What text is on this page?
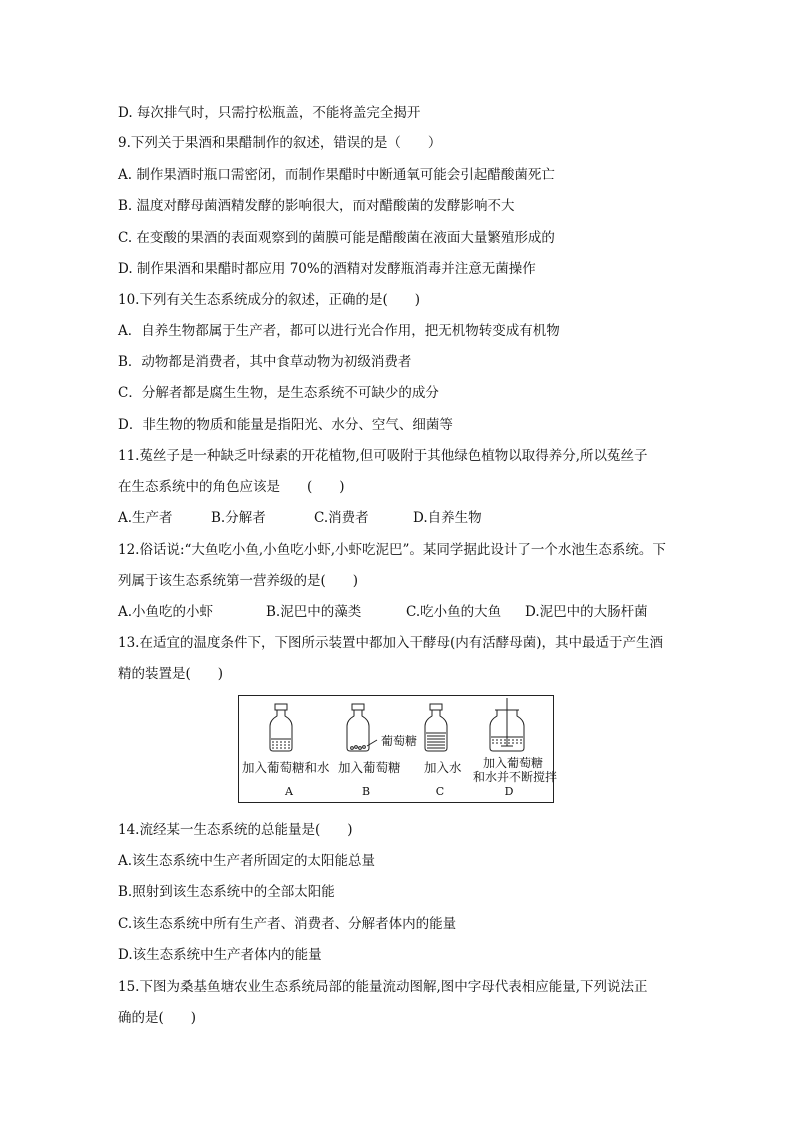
D. 每次排气时，只需拧松瓶盖，不能将盖完全揭开
9.下列关于果酒和果醋制作的叙述，错误的是（　　）
A. 制作果酒时瓶口需密闭，而制作果醋时中断通氧可能会引起醋酸菌死亡
B. 温度对酵母菌酒精发酵的影响很大，而对醋酸菌的发酵影响不大
C. 在变酸的果酒的表面观察到的菌膜可能是醋酸菌在液面大量繁殖形成的
D. 制作果酒和果醋时都应用 70%的酒精对发酵瓶消毒并注意无菌操作
10.下列有关生态系统成分的叙述，正确的是(　　)
A．自养生物都属于生产者，都可以进行光合作用，把无机物转变成有机物
B．动物都是消费者，其中食草动物为初级消费者
C．分解者都是腐生生物，是生态系统不可缺少的成分
D．非生物的物质和能量是指阳光、水分、空气、细菌等
11.菟丝子是一种缺乏叶绿素的开花植物,但可吸附于其他绿色植物以取得养分,所以菟丝子
在生态系统中的角色应该是　　(　　)
A.生产者	B.分解者	C.消费者	D.自养生物
12.俗话说:“大鱼吃小鱼,小鱼吃小虾,小虾吃泥巴”。某同学据此设计了一个水池生态系统。下
列属于该生态系统第一营养级的是(　　)
A.小鱼吃的小虾	B.泥巴中的藻类	C.吃小鱼的大鱼 D.泥巴中的大肠杆菌
13.在适宜的温度条件下，下图所示装置中都加入干酵母(内有活酵母菌)，其中最适于产生酒
精的装置是(　　)
葡萄糖
加入葡萄糖和水 加入葡萄糖 加入水	加入葡萄糖
和水并不断搅拌
A	B	C	D
14.流经某一生态系统的总能量是(　　)
A.该生态系统中生产者所固定的太阳能总量
B.照射到该生态系统中的全部太阳能
C.该生态系统中所有生产者、消费者、分解者体内的能量
D.该生态系统中生产者体内的能量
15.下图为桑基鱼塘农业生态系统局部的能量流动图解,图中字母代表相应能量,下列说法正
确的是(　　)
